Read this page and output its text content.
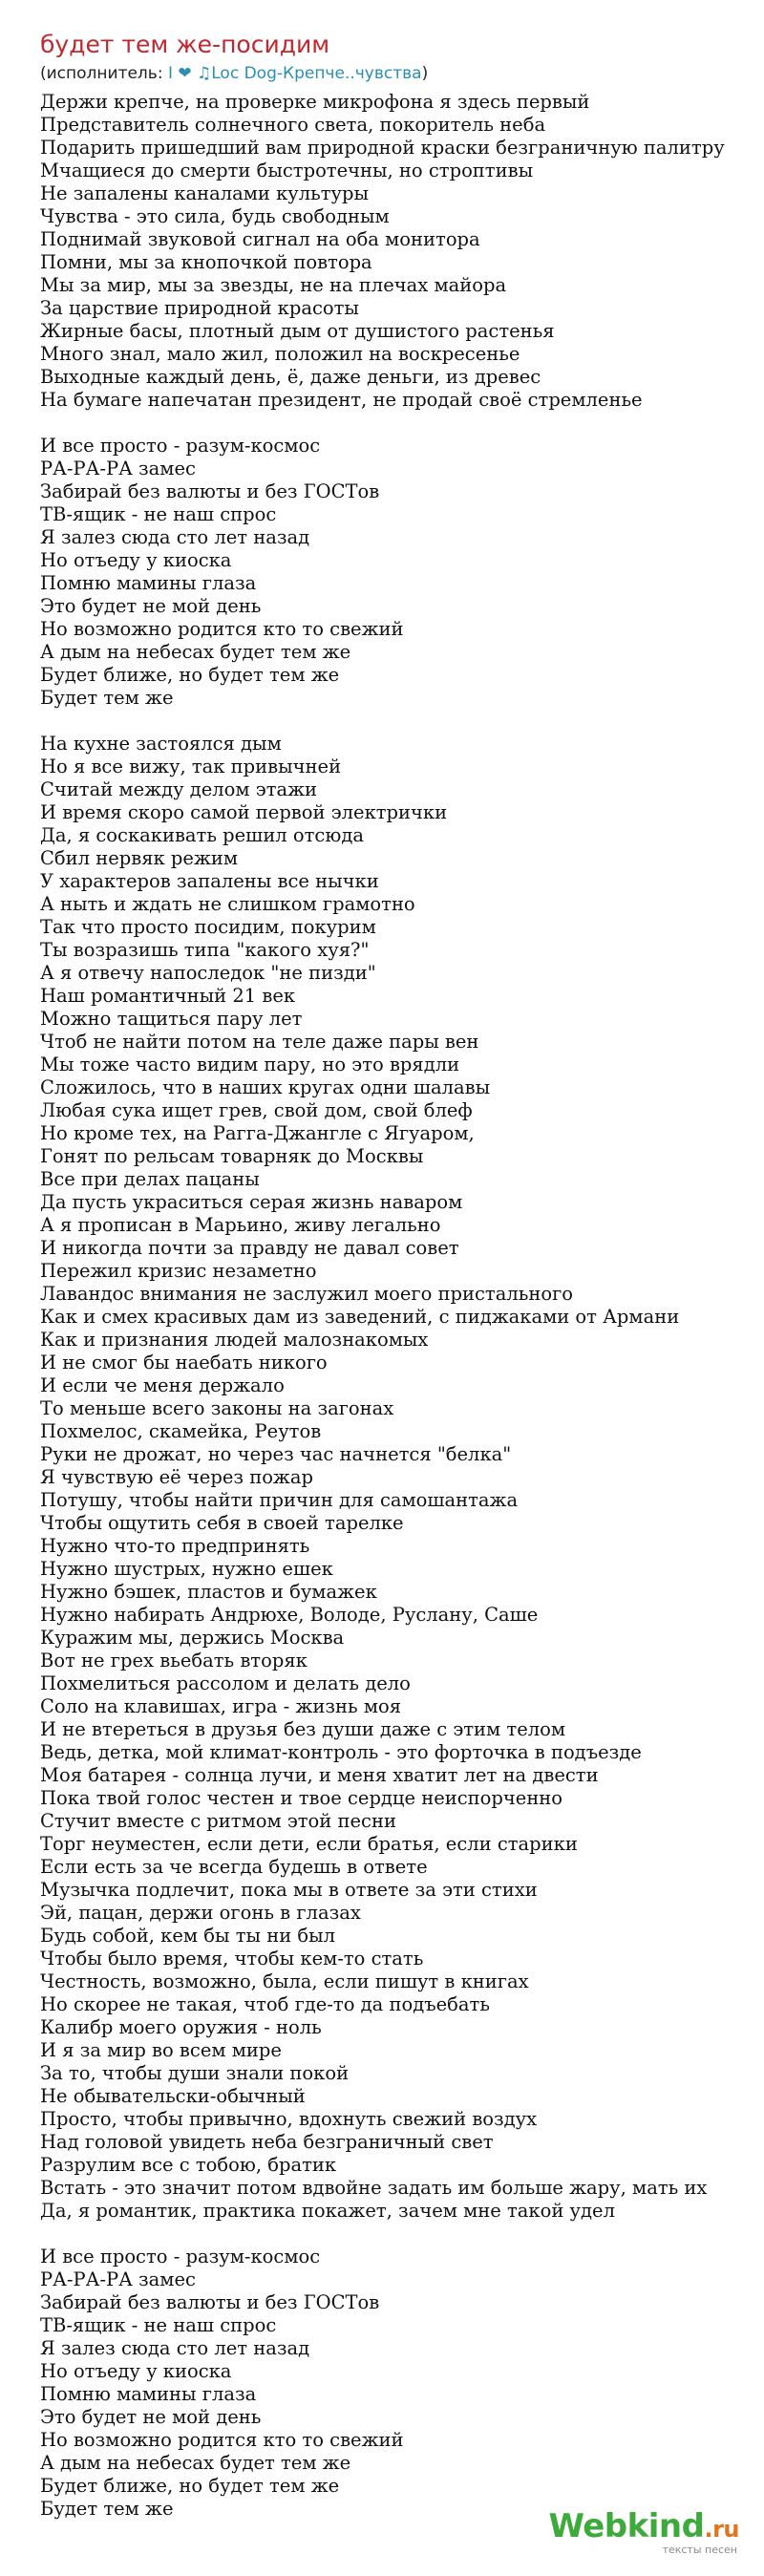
будет тем же-посидим
(исполнитель: I ❤ ♫Loc Dog-Крепче..чувства)
Держи крепче, на проверке микрофона я здесь первый
Представитель солнечного света, покоритель неба
Подарить пришедший вам природной краски безграничную палитру
Мчащиеся до смерти быстротечны, но строптивы
Не запалены каналами культуры
Чувства - это сила, будь свободным
Поднимай звуковой сигнал на оба монитора
Помни, мы за кнопочкой повтора
Мы за мир, мы за звезды, не на плечах майора
За царствие природной красоты
Жирные басы, плотный дым от душистого растенья
Много знал, мало жил, положил на воскресенье
Выходные каждый день, ё, даже деньги, из древес
На бумаге напечатан президент, не продай своё стремленье
И все просто - разум-космос
РА-РА-РА замес
Забирай без валюты и без ГОСТов
ТВ-ящик - не наш спрос
Я залез сюда сто лет назад
Но отъеду у киоска
Помню мамины глаза
Это будет не мой день
Но возможно родится кто то свежий
А дым на небесах будет тем же
Будет ближе, но будет тем же
Будет тем же
На кухне застоялся дым
Но я все вижу, так привычней
Считай между делом этажи
И время скоро самой первой электрички
Да, я соскакивать решил отсюда
Сбил нервяк режим
У характеров запалены все нычки
А ныть и ждать не слишком грамотно
Так что просто посидим, покурим
Ты возразишь типа "какого хуя?"
А я отвечу напоследок "не пизди"
Наш романтичный 21 век
Можно тащиться пару лет
Чтоб не найти потом на теле даже пары вен
Мы тоже часто видим пару, но это врядли
Сложилось, что в наших кругах одни шалавы
Любая сука ищет грев, свой дом, свой блеф
Но кроме тех, на Рагга-Джангле с Ягуаром,
Гонят по рельсам товарняк до Москвы
Все при делах пацаны
Да пусть украситься серая жизнь наваром
А я прописан в Марьино, живу легально
И никогда почти за правду не давал совет
Пережил кризис незаметно
Лавандос внимания не заслужил моего пристального
Как и смех красивых дам из заведений, с пиджаками от Армани
Как и признания людей малознакомых
И не смог бы наебать никого
И если че меня держало
То меньше всего законы на загонах
Похмелос, скамейка, Реутов
Руки не дрожат, но через час начнется "белка"
Я чувствую её через пожар
Потушу, чтобы найти причин для самошантажа
Чтобы ощутить себя в своей тарелке
Нужно что-то предпринять
Нужно шустрых, нужно ешек
Нужно бэшек, пластов и бумажек
Нужно набирать Андрюхе, Володе, Руслану, Саше
Куражим мы, держись Москва
Вот не грех вьебать вторяк
Похмелиться рассолом и делать дело
Соло на клавишах, игра - жизнь моя
И не втереться в друзья без души даже с этим телом
Ведь, детка, мой климат-контроль - это форточка в подъезде
Моя батарея - солнца лучи, и меня хватит лет на двести
Пока твой голос честен и твое сердце неиспорченно
Стучит вместе с ритмом этой песни
Торг неуместен, если дети, если братья, если старики
Если есть за че всегда будешь в ответе
Музычка подлечит, пока мы в ответе за эти стихи
Эй, пацан, держи огонь в глазах
Будь собой, кем бы ты ни был
Чтобы было время, чтобы кем-то стать
Честность, возможно, была, если пишут в книгах
Но скорее не такая, чтоб где-то да подъебать
Калибр моего оружия - ноль
И я за мир во всем мире
За то, чтобы души знали покой
Не обывательски-обычный
Просто, чтобы привычно, вдохнуть свежий воздух
Над головой увидеть неба безграничный свет
Разрулим все с тобою, братик
Встать - это значит потом вдвойне задать им больше жару, мать их
Да, я романтик, практика покажет, зачем мне такой удел
И все просто - разум-космос
РА-РА-РА замес
Забирай без валюты и без ГОСТов
ТВ-ящик - не наш спрос
Я залез сюда сто лет назад
Но отъеду у киоска
Помню мамины глаза
Это будет не мой день
Но возможно родится кто то свежий
А дым на небесах будет тем же
Будет ближе, но будет тем же
Будет тем же	Webkind.ru
тексты песен
